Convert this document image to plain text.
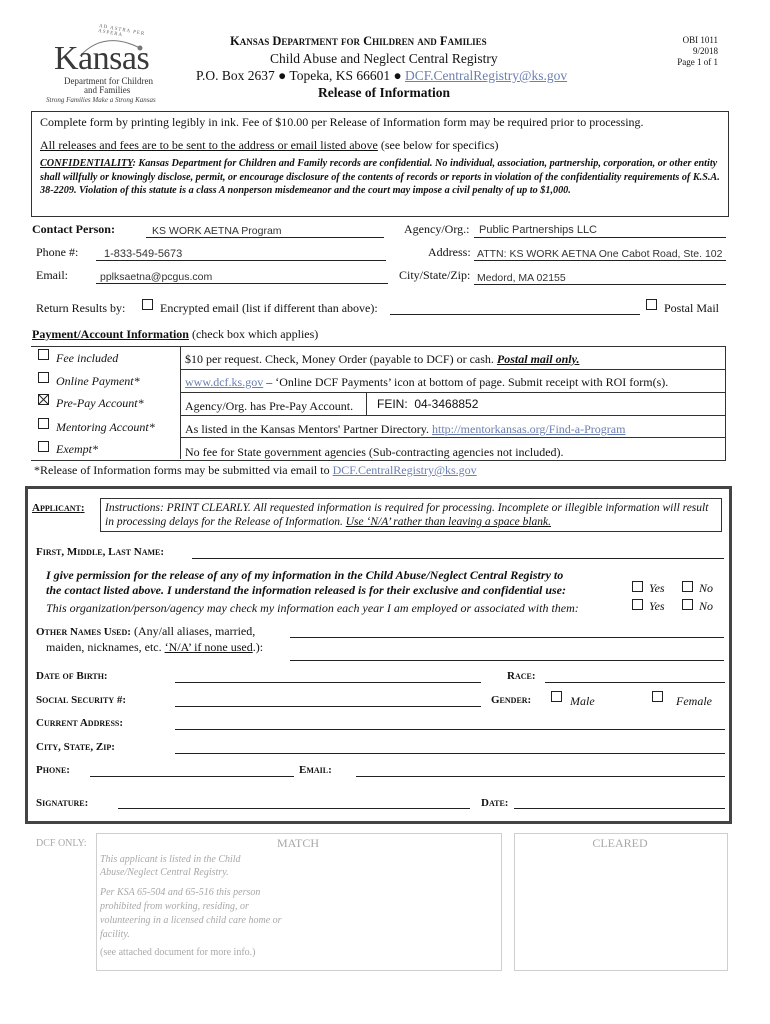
AD ASTRA PER ASPERA
Kansas
Department for Children
and Families
Strong Families Make a Strong Kansas
Kansas Department for Children and Families
Child Abuse and Neglect Central Registry
P.O. Box 2637 ● Topeka, KS 66601 ● DCF.CentralRegistry@ks.gov
Release of Information
OBI 1011
9/2018
Page 1 of 1
Complete form by printing legibly in ink. Fee of $10.00 per Release of Information form may be required prior to processing.
All releases and fees are to be sent to the address or email listed above (see below for specifics)
CONFIDENTIALITY: Kansas Department for Children and Family records are confidential. No individual, association, partnership, corporation, or other entity shall willfully or knowingly disclose, permit, or encourage disclosure of the contents of records or reports in violation of the confidentiality requirements of K.S.A. 38-2209. Violation of this statute is a class A nonperson misdemeanor and the court may impose a civil penalty of up to $1,000.
Contact Person:	KS WORK AETNA Program	Agency/Org.: Public Partnerships LLC
Phone #: 1-833-549-5673	Address: ATTN: KS WORK AETNA One Cabot Road, Ste. 102
Email:	pplksaetna@pcgus.com	City/State/Zip: Medord, MA 02155
Return Results by:	Encrypted email (list if different than above):	Postal Mail
Payment/Account Information (check box which applies)
Fee included	$10 per request. Check, Money Order (payable to DCF) or cash. Postal mail only.
Online Payment*	www.dcf.ks.gov – ‘Online DCF Payments’ icon at bottom of page. Submit receipt with ROI form(s).
Pre-Pay Account*	Agency/Org. has Pre-Pay Account. FEIN:  04-3468852
Mentoring Account*	As listed in the Kansas Mentors' Partner Directory. http://mentorkansas.org/Find-a-Program
Exempt*	No fee for State government agencies (Sub-contracting agencies not included).
*Release of Information forms may be submitted via email to DCF.CentralRegistry@ks.gov
Applicant: Instructions: PRINT CLEARLY. All requested information is required for processing. Incomplete or illegible information will result in processing delays for the Release of Information. Use ‘N/A’ rather than leaving a space blank.
First, Middle, Last Name:
I give permission for the release of any of my information in the Child Abuse/Neglect Central Registry to
the contact listed above. I understand the information released is for their exclusive and confidential use:
This organization/person/agency may check my information each year I am employed or associated with them:
Yes	No
Yes	No
Other Names Used: (Any/all aliases, married,
maiden, nicknames, etc. ‘N/A’ if none used.):
Date of Birth:	Race:
Social Security #:	Gender:	Male	Female
Current Address:
City, State, Zip:
Phone:	Email:
Signature:	Date:
DCF ONLY:	MATCH
This applicant is listed in the Child Abuse/Neglect Central Registry.
Per KSA 65-504 and 65-516 this person prohibited from working, residing, or volunteering in a licensed child care home or facility.
(see attached document for more info.)
CLEARED
